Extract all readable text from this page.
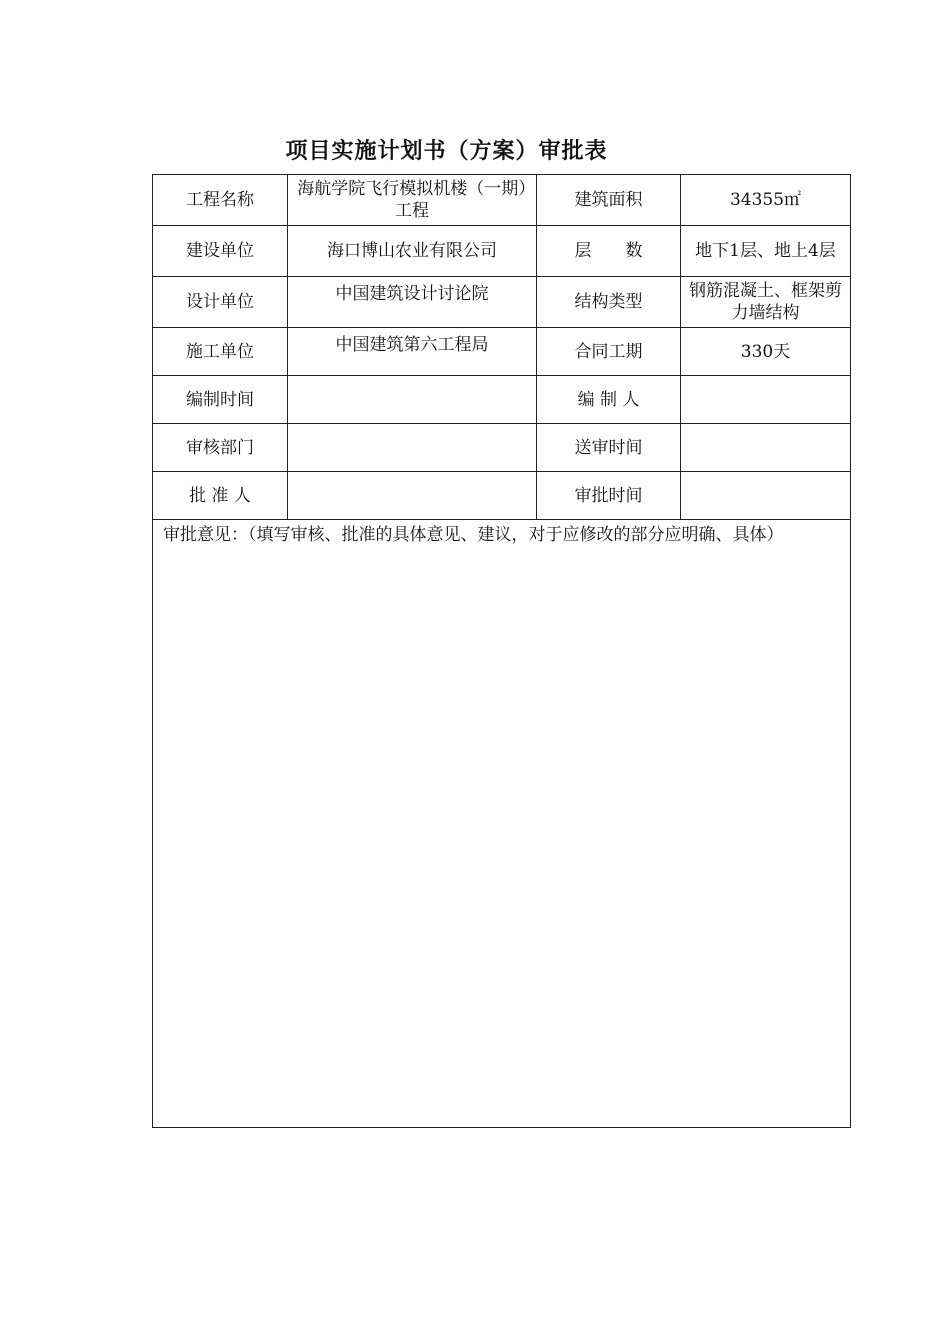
项目实施计划书（方案）审批表
工程名称	海航学院飞行模拟机楼（一期）工程	建筑面积	34355㎡
建设单位	海口博山农业有限公司	层　　数	地下1层、地上4层
设计单位	中国建筑设计讨论院	结构类型	钢筋混凝土、框架剪力墙结构
施工单位	中国建筑第六工程局	合同工期	330天
编制时间		编 制 人	
审核部门		送审时间	
批 准 人		审批时间	
审批意见：（填写审核、批准的具体意见、建议，对于应修改的部分应明确、具体）			
